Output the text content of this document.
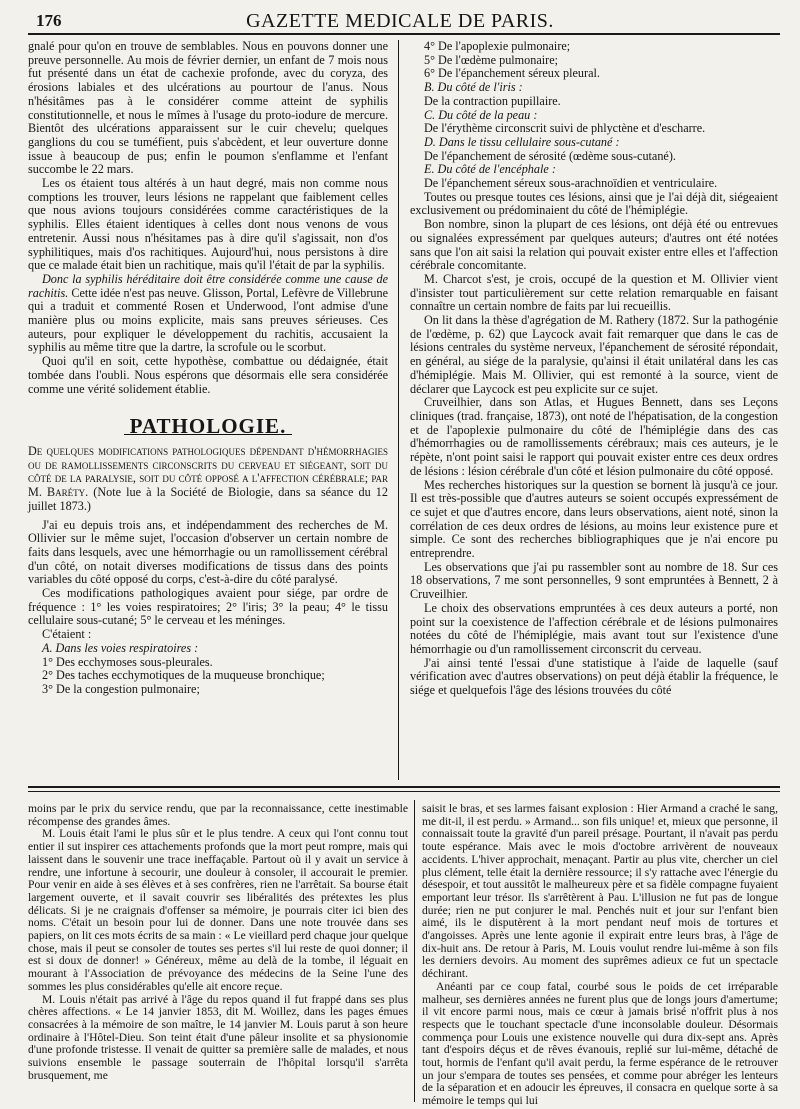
176	GAZETTE MEDICALE DE PARIS.

gnalé pour qu'on en trouve de semblables. Nous en pouvons donner une preuve personnelle. Au mois de février dernier, un enfant de 7 mois nous fut présenté dans un état de cachexie profonde, avec du coryza, des érosions labiales et des ulcérations au pourtour de l'anus. Nous n'hésitâmes pas à le considérer comme atteint de syphilis constitutionnelle, et nous le mîmes à l'usage du proto-iodure de mercure. Bientôt des ulcérations apparaissent sur le cuir chevelu; quelques ganglions du cou se tuméfient, puis s'abcèdent, et leur ouverture donne issue à beaucoup de pus; enfin le poumon s'enflamme et l'enfant succombe le 22 mars.

Les os étaient tous altérés à un haut degré, mais non comme nous comptions les trouver, leurs lésions ne rappelant que faiblement celles que nous avions toujours considérées comme caractéristiques de la syphilis. Elles étaient identiques à celles dont nous venons de vous entretenir. Aussi nous n'hésitames pas à dire qu'il s'agissait, non d'os syphilitiques, mais d'os rachitiques. Aujourd'hui, nous persistons à dire que ce malade était bien un rachitique, mais qu'il l'était de par la syphilis.

Donc la syphilis héréditaire doit être considérée comme une cause de rachitis. Cette idée n'est pas neuve. Glisson, Portal, Lefèvre de Villebrune qui a traduit et commenté Rosen et Underwood, l'ont admise d'une manière plus ou moins explicite, mais sans preuves sérieuses. Ces auteurs, pour expliquer le développement du rachitis, accusaient la syphilis au même titre que la dartre, la scrofule ou le scorbut.

Quoi qu'il en soit, cette hypothèse, combattue ou dédaignée, était tombée dans l'oubli. Nous espérons que désormais elle sera considérée comme une vérité solidement établie.

PATHOLOGIE.

De quelques modifications pathologiques dépendant d'hémorrhagies ou de ramollissements circonscrits du cerveau et siégeant, soit du côté de la paralysie, soit du côté opposé a l'affection cérébrale; par M. Baréty. (Note lue à la Société de Biologie, dans sa séance du 12 juillet 1873.)

J'ai eu depuis trois ans, et indépendamment des recherches de M. Ollivier sur le même sujet, l'occasion d'observer un certain nombre de faits dans lesquels, avec une hémorrhagie ou un ramollissement cérébral d'un côté, on notait diverses modifications de tissus dans des points variables du côté opposé du corps, c'est-à-dire du côté paralysé.

Ces modifications pathologiques avaient pour siége, par ordre de fréquence : 1° les voies respiratoires; 2° l'iris; 3° la peau; 4° le tissu cellulaire sous-cutané; 5° le cerveau et les méninges.

C'étaient :

A. Dans les voies respiratoires :

1° Des ecchymoses sous-pleurales.

2° Des taches ecchymotiques de la muqueuse bronchique;

3° De la congestion pulmonaire;

4° De l'apoplexie pulmonaire;

5° De l'œdème pulmonaire;

6° De l'épanchement séreux pleural.

B. Du côté de l'iris :

De la contraction pupillaire.

C. Du côté de la peau :

De l'érythème circonscrit suivi de phlyctène et d'escharre.

D. Dans le tissu cellulaire sous-cutané :

De l'épanchement de sérosité (œdème sous-cutané).

E. Du côté de l'encéphale :

De l'épanchement séreux sous-arachnoïdien et ventriculaire.

Toutes ou presque toutes ces lésions, ainsi que je l'ai déjà dit, siégeaient exclusivement ou prédominaient du côté de l'hémiplégie.

Bon nombre, sinon la plupart de ces lésions, ont déjà été ou entrevues ou signalées expressément par quelques auteurs; d'autres ont été notées sans que l'on ait saisi la relation qui pouvait exister entre elles et l'affection cérébrale concomitante.

M. Charcot s'est, je crois, occupé de la question et M. Ollivier vient d'insister tout particulièrement sur cette relation remarquable en faisant connaître un certain nombre de faits par lui recueillis.

On lit dans la thèse d'agrégation de M. Rathery (1872. Sur la pathogénie de l'œdème, p. 62) que Laycock avait fait remarquer que dans le cas de lésions centrales du système nerveux, l'épanchement de sérosité répondait, en général, au siége de la paralysie, qu'ainsi il était unilatéral dans les cas d'hémiplégie. Mais M. Ollivier, qui est remonté à la source, vient de déclarer que Laycock est peu explicite sur ce sujet.

Cruveilhier, dans son Atlas, et Hugues Bennett, dans ses Leçons cliniques (trad. française, 1873), ont noté de l'hépatisation, de la congestion et de l'apoplexie pulmonaire du côté de l'hémiplégie dans des cas d'hémorrhagies ou de ramollissements cérébraux; mais ces auteurs, je le répète, n'ont point saisi le rapport qui pouvait exister entre ces deux ordres de lésions : lésion cérébrale d'un côté et lésion pulmonaire du côté opposé.

Mes recherches historiques sur la question se bornent là jusqu'à ce jour. Il est très-possible que d'autres auteurs se soient occupés expressément de ce sujet et que d'autres encore, dans leurs observations, aient noté, sinon la corrélation de ces deux ordres de lésions, au moins leur existence pure et simple. Ce sont des recherches bibliographiques que je n'ai encore pu entreprendre.

Les observations que j'ai pu rassembler sont au nombre de 18. Sur ces 18 observations, 7 me sont personnelles, 9 sont empruntées à Bennett, 2 à Cruveilhier.

Le choix des observations empruntées à ces deux auteurs a porté, non point sur la coexistence de l'affection cérébrale et de lésions pulmonaires notées du côté de l'hémiplégie, mais avant tout sur l'existence d'une hémorrhagie ou d'un ramollissement circonscrit du cerveau.

J'ai ainsi tenté l'essai d'une statistique à l'aide de laquelle (sauf vérification avec d'autres observations) on peut déjà établir la fréquence, le siége et quelquefois l'âge des lésions trouvées du côté

moins par le prix du service rendu, que par la reconnaissance, cette inestimable récompense des grandes âmes.

M. Louis était l'ami le plus sûr et le plus tendre. A ceux qui l'ont connu tout entier il sut inspirer ces attachements profonds que la mort peut rompre, mais qui laissent dans le souvenir une trace ineffaçable. Partout où il y avait un service à rendre, une infortune à secourir, une douleur à consoler, il accourait le premier. Pour venir en aide à ses élèves et à ses confrères, rien ne l'arrêtait. Sa bourse était largement ouverte, et il savait couvrir ses libéralités des prétextes les plus délicats. Si je ne craignais d'offenser sa mémoire, je pourrais citer ici bien des noms. C'était un besoin pour lui de donner. Dans une note trouvée dans ses papiers, on lit ces mots écrits de sa main : « Le vieillard perd chaque jour quelque chose, mais il peut se consoler de toutes ses pertes s'il lui reste de quoi donner; il est si doux de donner! » Généreux, même au delà de la tombe, il léguait en mourant à l'Association de prévoyance des médecins de la Seine l'une des sommes les plus considérables qu'elle ait encore reçue.

M. Louis n'était pas arrivé à l'âge du repos quand il fut frappé dans ses plus chères affections. « Le 14 janvier 1853, dit M. Woillez, dans les pages émues consacrées à la mémoire de son maître, le 14 janvier M. Louis parut à son heure ordinaire à l'Hôtel-Dieu. Son teint était d'une pâleur insolite et sa physionomie d'une profonde tristesse. Il venait de quitter sa première salle de malades, et nous suivions ensemble le passage souterrain de l'hôpital lorsqu'il s'arrêta brusquement, me

saisit le bras, et ses larmes faisant explosion : Hier Armand a craché le sang, me dit-il, il est perdu. » Armand... son fils unique! et, mieux que personne, il connaissait toute la gravité d'un pareil présage. Pourtant, il n'avait pas perdu toute espérance. Mais avec le mois d'octobre arrivèrent de nouveaux accidents. L'hiver approchait, menaçant. Partir au plus vite, chercher un ciel plus clément, telle était la dernière ressource; il s'y rattache avec l'énergie du désespoir, et tout aussitôt le malheureux père et sa fidèle compagne fuyaient emportant leur trésor. Ils s'arrêtèrent à Pau. L'illusion ne fut pas de longue durée; rien ne put conjurer le mal. Penchés nuit et jour sur l'enfant bien aimé, ils le disputèrent à la mort pendant neuf mois de tortures et d'angoisses. Après une lente agonie il expirait entre leurs bras, à l'âge de dix-huit ans. De retour à Paris, M. Louis voulut rendre lui-même à son fils les derniers devoirs. Au moment des suprêmes adieux ce fut un spectacle déchirant.

Anéanti par ce coup fatal, courbé sous le poids de cet irréparable malheur, ses dernières années ne furent plus que de longs jours d'amertume; il vit encore parmi nous, mais ce cœur à jamais brisé n'offrit plus à nos respects que le touchant spectacle d'une inconsolable douleur. Désormais commença pour Louis une existence nouvelle qui dura dix-sept ans. Après tant d'espoirs déçus et de rêves évanouis, replié sur lui-même, détaché de tout, hormis de l'enfant qu'il avait perdu, la ferme espérance de le retrouver un jour s'empara de toutes ses pensées, et comme pour abréger les lenteurs de la séparation et en adoucir les épreuves, il consacra en quelque sorte à sa mémoire le temps qui lui
